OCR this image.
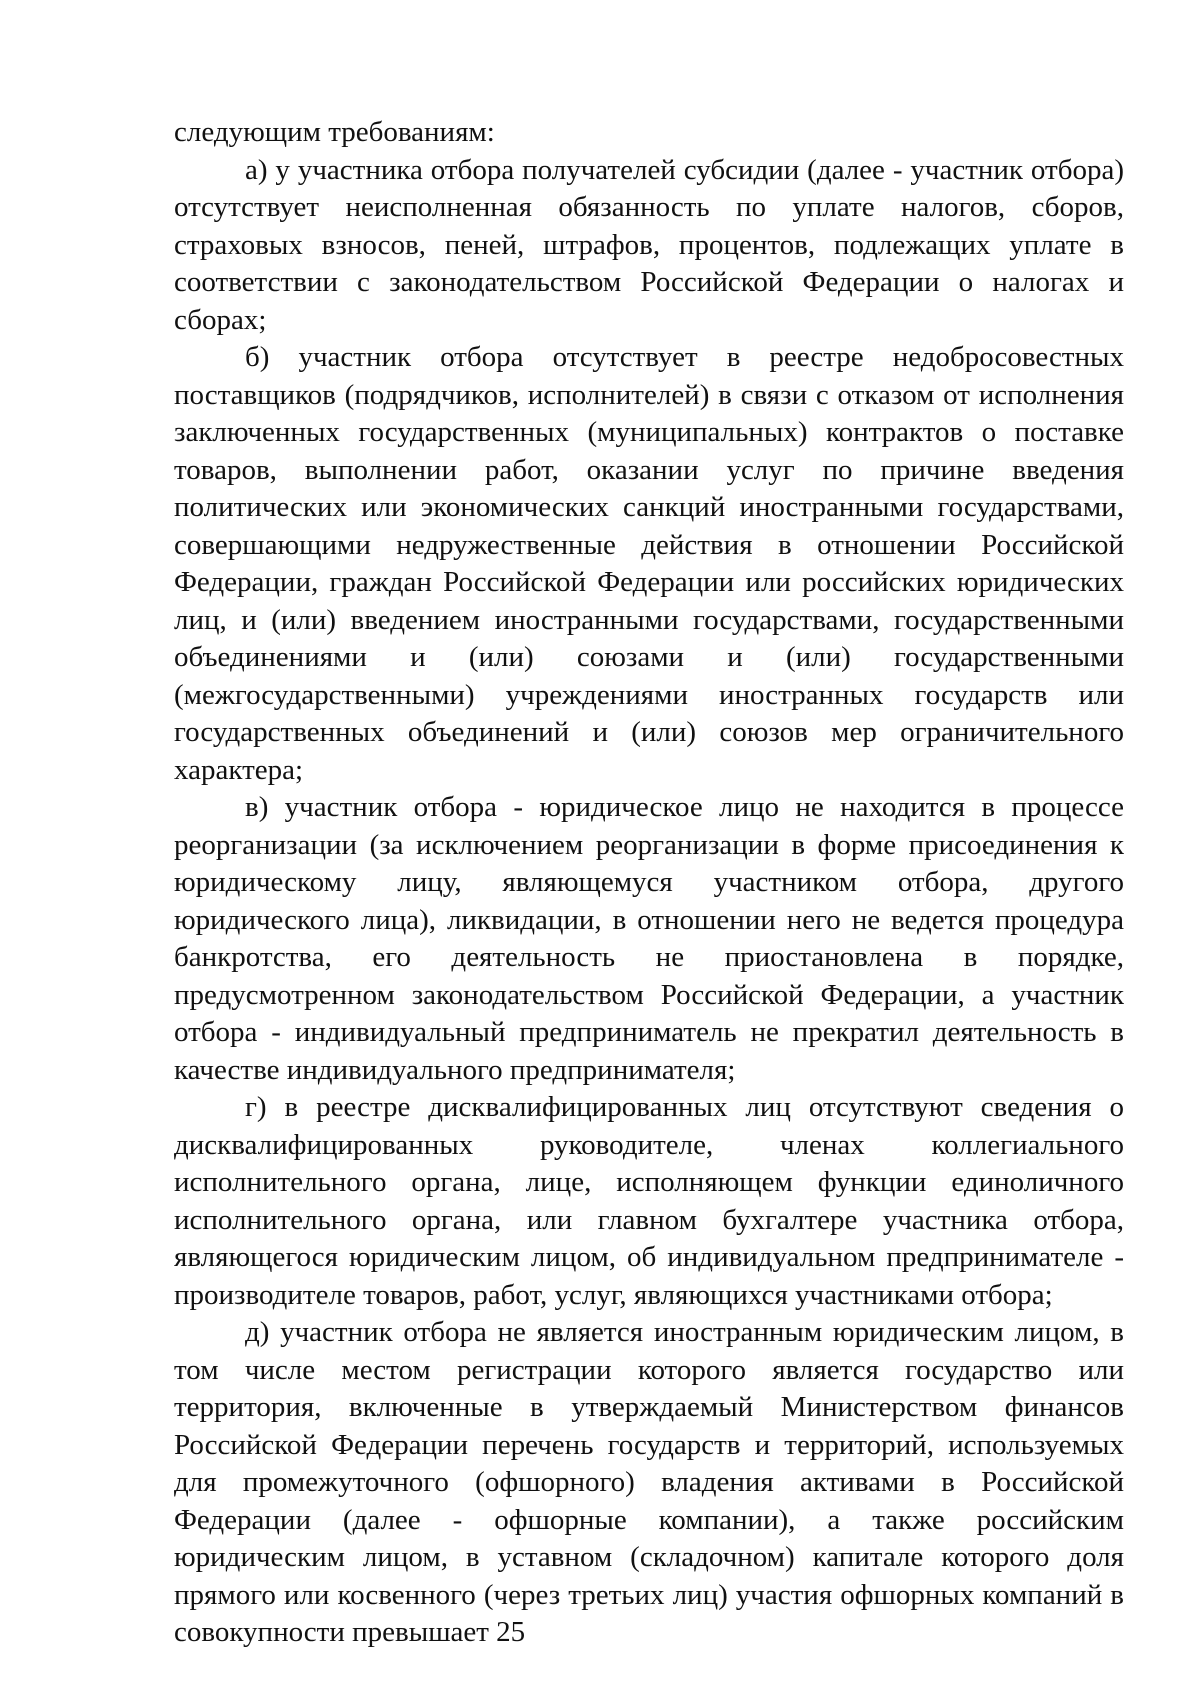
следующим требованиям:

а) у участника отбора получателей субсидии (далее - участник отбора) отсутствует неисполненная обязанность по уплате налогов, сборов, страховых взносов, пеней, штрафов, процентов, подлежащих уплате в соответствии с законодательством Российской Федерации о налогах и сборах;

б) участник отбора отсутствует в реестре недобросовестных поставщиков (подрядчиков, исполнителей) в связи с отказом от исполнения заключенных государственных (муниципальных) контрактов о поставке товаров, выполнении работ, оказании услуг по причине введения политических или экономических санкций иностранными государствами, совершающими недружественные действия в отношении Российской Федерации, граждан Российской Федерации или российских юридических лиц, и (или) введением иностранными государствами, государственными объединениями и (или) союзами и (или) государственными (межгосударственными) учреждениями иностранных государств или государственных объединений и (или) союзов мер ограничительного характера;

в) участник отбора - юридическое лицо не находится в процессе реорганизации (за исключением реорганизации в форме присоединения к юридическому лицу, являющемуся участником отбора, другого юридического лица), ликвидации, в отношении него не ведется процедура банкротства, его деятельность не приостановлена в порядке, предусмотренном законодательством Российской Федерации, а участник отбора - индивидуальный предприниматель не прекратил деятельность в качестве индивидуального предпринимателя;

г) в реестре дисквалифицированных лиц отсутствуют сведения о дисквалифицированных руководителе, членах коллегиального исполнительного органа, лице, исполняющем функции единоличного исполнительного органа, или главном бухгалтере участника отбора, являющегося юридическим лицом, об индивидуальном предпринимателе - производителе товаров, работ, услуг, являющихся участниками отбора;

д) участник отбора не является иностранным юридическим лицом, в том числе местом регистрации которого является государство или территория, включенные в утверждаемый Министерством финансов Российской Федерации перечень государств и территорий, используемых для промежуточного (офшорного) владения активами в Российской Федерации (далее - офшорные компании), а также российским юридическим лицом, в уставном (складочном) капитале которого доля прямого или косвенного (через третьих лиц) участия офшорных компаний в совокупности превышает 25
